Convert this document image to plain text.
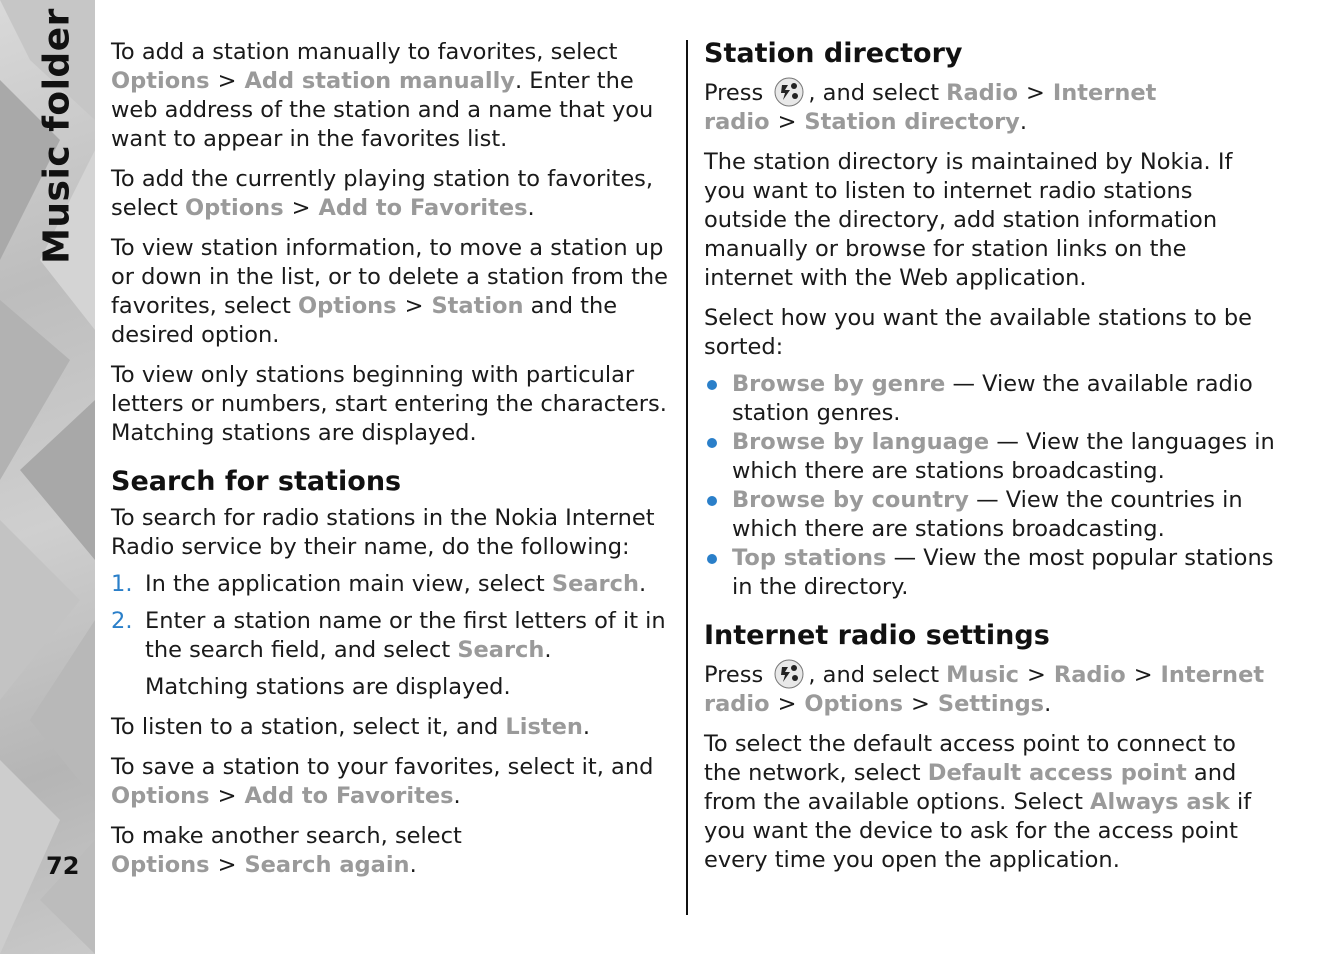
Music folder
72

To add a station manually to favorites, select Options > Add station manually. Enter the web address of the station and a name that you want to appear in the favorites list.

To add the currently playing station to favorites, select Options > Add to Favorites.

To view station information, to move a station up or down in the list, or to delete a station from the favorites, select Options > Station and the desired option.

To view only stations beginning with particular letters or numbers, start entering the characters. Matching stations are displayed.

Search for stations

To search for radio stations in the Nokia Internet Radio service by their name, do the following:

1. In the application main view, select Search.
2. Enter a station name or the first letters of it in the search field, and select Search.

Matching stations are displayed.

To listen to a station, select it, and Listen.

To save a station to your favorites, select it, and Options > Add to Favorites.

To make another search, select Options > Search again.

Station directory

Press , and select Radio > Internet radio > Station directory.

The station directory is maintained by Nokia. If you want to listen to internet radio stations outside the directory, add station information manually or browse for station links on the internet with the Web application.

Select how you want the available stations to be sorted:

Browse by genre — View the available radio station genres.
Browse by language — View the languages in which there are stations broadcasting.
Browse by country — View the countries in which there are stations broadcasting.
Top stations — View the most popular stations in the directory.
Internet radio settings

Press , and select Music > Radio > Internet radio > Options > Settings.

To select the default access point to connect to the network, select Default access point and from the available options. Select Always ask if you want the device to ask for the access point every time you open the application.
